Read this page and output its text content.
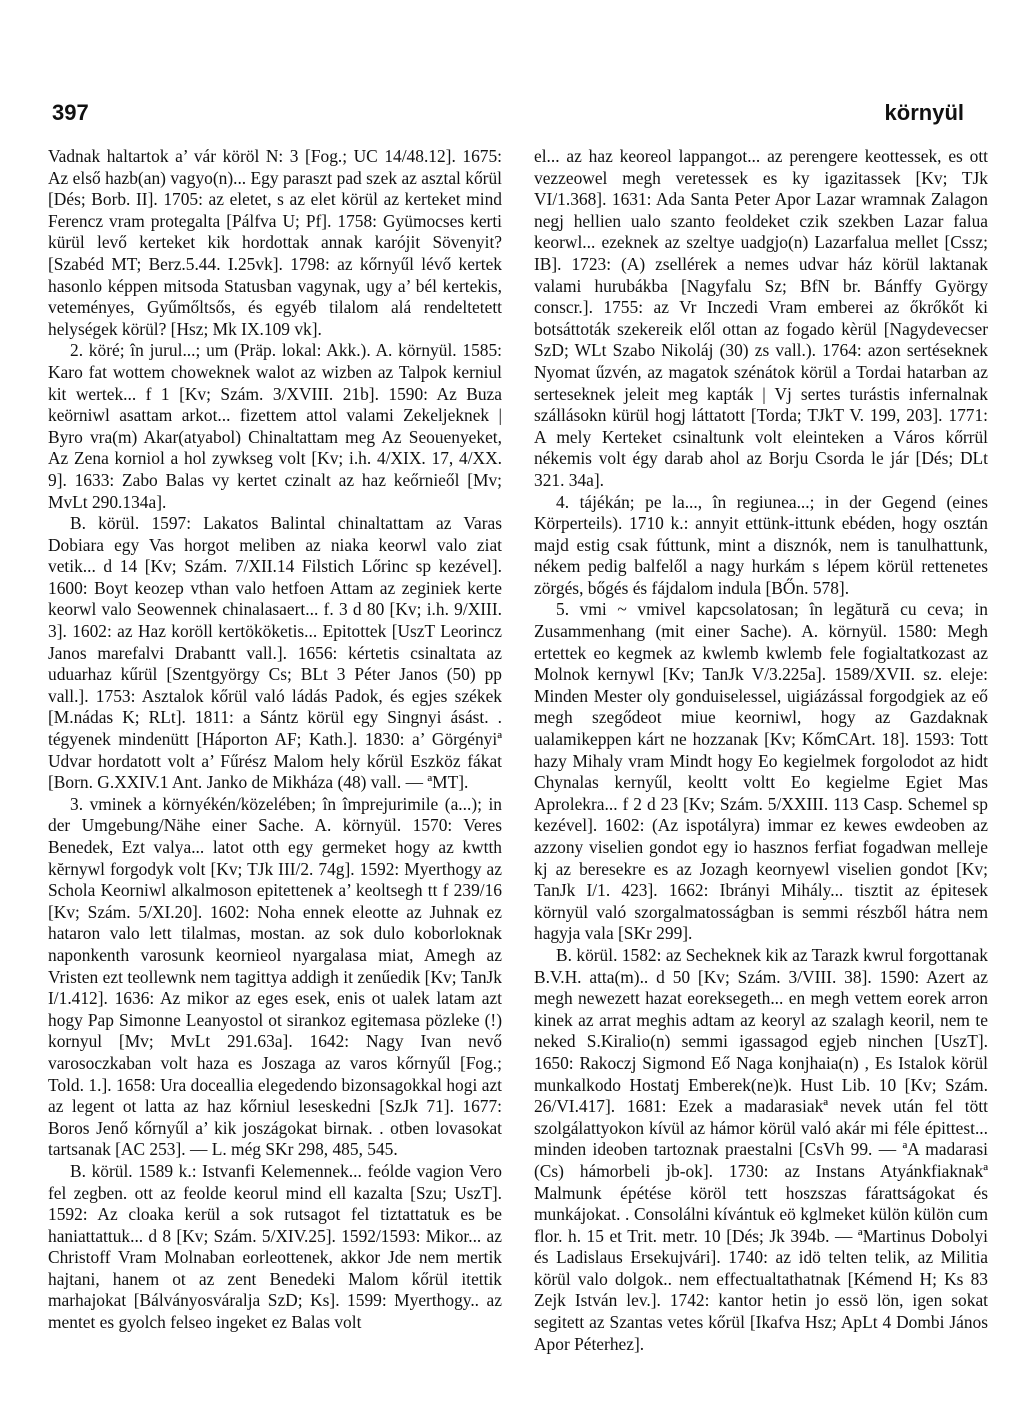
397	környül

Vadnak haltartok a’ vár köröl N: 3 [Fog.; UC 14/48.12]. 1675: Az első hazb(an) vagyo(n)... Egy paraszt pad szek az asztal kőrül [Dés; Borb. II]. 1705: az eletet, s az elet körül az kerteket mind Ferencz vram protegalta [Pálfva U; Pf]. 1758: Gyümocses kerti kürül levő kerteket kik hordottak annak karójit Sövenyit? [Szabéd MT; Berz.5.44. I.25vk]. 1798: az kőrnyűl lévő kertek hasonlo képpen mitsoda Statusban vagynak, ugy a’ bél kertekis, veteményes, Gyűmőltsős, és egyéb tilalom alá rendeltetett helységek körül? [Hsz; Mk IX.109 vk].

2. köré; în jurul...; um (Präp. lokal: Akk.). A. környül. 1585: Karo fat wottem choweknek walot az wizben az Talpok kerniul kit wertek... f 1 [Kv; Szám. 3/XVIII. 21b]. 1590: Az Buza keörniwl asattam arkot... fizettem attol valami Zekeljeknek | Byro vra(m) Akar(atyabol) Chinaltattam meg Az Seouenyeket, Az Zena korniol a hol zywkseg volt [Kv; i.h. 4/XIX. 17, 4/XX. 9]. 1633: Zabo Balas vy kertet czinalt az haz keőrnieől [Mv; MvLt 290.134a].

B. körül. 1597: Lakatos Balintal chinaltattam az Varas Dobiara egy Vas horgot meliben az niaka keorwl valo ziat vetik... d 14 [Kv; Szám. 7/XII.14 Filstich Lőrinc sp kezével]. 1600: Boyt keozep vthan valo hetfoen Attam az zeginiek kerte keorwl valo Seowennek chinalasaert... f. 3 d 80 [Kv; i.h. 9/XIII. 3]. 1602: az Haz koröll kertököketis... Epitottek [UszT Leorincz Janos marefalvi Drabantt vall.]. 1656: kértetis csinaltata az uduarhaz kűrül [Szentgyörgy Cs; BLt 3 Péter Janos (50) pp vall.]. 1753: Asztalok kőrül való ládás Padok, és egjes székek [M.nádas K; RLt]. 1811: a Sántz körül egy Singnyi ásást. . tégyenek mindenütt [Háporton AF; Kath.]. 1830: a’ Görgényiª Udvar hordatott volt a’ Fűrész Malom hely kőrül Eszköz fákat [Born. G.XXIV.1 Ant. Janko de Mikháza (48) vall. — ªMT].

3. vminek a környékén/közelében; în împrejurimile (a...); in der Umgebung/Nähe einer Sache. A. környül. 1570: Veres Benedek, Ezt valya... latot otth egy germeket hogy az kwtth kĕrnywl forgodyk volt [Kv; TJk III/2. 74g]. 1592: Myerthogy az Schola Keorniwl alkalmoson epitettenek a’ keoltsegh tt f 239/16 [Kv; Szám. 5/XI.20]. 1602: Noha ennek eleotte az Juhnak ez hataron valo lett tilalmas, mostan. az sok dulo koborloknak naponkenth varosunk keornieol nyargalasa miat, Amegh az Vristen ezt teollewnk nem tagittya addigh it zenűedik [Kv; TanJk I/1.412]. 1636: Az mikor az eges esek, enis ot ualek latam azt hogy Pap Simonne Leanyostol ot sirankoz egitemasa pözleke (!) kornyul [Mv; MvLt 291.63a]. 1642: Nagy Ivan nevő varosoczkaban volt haza es Joszaga az varos kőrnyűl [Fog.; Told. 1.]. 1658: Ura doceallia elegedendo bizonsagokkal hogi azt az legent ot latta az haz kőrniul leseskedni [SzJk 71]. 1677: Boros Jenő kőrnyűl a’ kik joszágokat birnak. . otben lovasokat tartsanak [AC 253]. — L. még SKr 298, 485, 545.

B. körül. 1589 k.: Istvanfi Kelemennek... feólde vagion Vero fel zegben. ott az feolde keorul mind ell kazalta [Szu; UszT]. 1592: Az cloaka kerül a sok rutsagot fel tiztattatuk es be haniattattuk... d 8 [Kv; Szám. 5/XIV.25]. 1592/1593: Mikor... az Christoff Vram Molnaban eorleottenek, akkor Jde nem mertik hajtani, hanem ot az zent Benedeki Malom kőrül itettik marhajokat [Bálványosváralja SzD; Ks]. 1599: Myerthogy.. az mentet es gyolch felseo ingeket ez Balas volt

el... az haz keoreol lappangot... az perengere keottessek, es ott vezzeowel megh veretessek es ky igazitassek [Kv; TJk VI/1.368]. 1631: Ada Santa Peter Apor Lazar wramnak Zalagon negj hellien ualo szanto feoldeket czik szekben Lazar falua keorwl... ezeknek az szeltye uadgjo(n) Lazarfalua mellet [Cssz; IB]. 1723: (A) zsellérek a nemes udvar ház körül laktanak valami hurubákba [Nagyfalu Sz; BfN br. Bánffy György conscr.]. 1755: az Vr Inczedi Vram emberei az őkrőkőt ki botsáttoták szekereik elől ottan az fogado kèrül [Nagydevecser SzD; WLt Szabo Nikoláj (30) zs vall.). 1764: azon sertéseknek Nyomat űzvén, az magatok szénátok körül a Tordai hatarban az serteseknek jeleit meg kapták | Vj sertes turástis infernalnak szállásokn kürül hogj láttatott [Torda; TJkT V. 199, 203]. 1771: A mely Kerteket csinaltunk volt eleinteken a Város kőrrül nékemis volt égy darab ahol az Borju Csorda le jár [Dés; DLt 321. 34a].

4. tájékán; pe la..., în regiunea...; in der Gegend (eines Körperteils). 1710 k.: annyit ettünk-ittunk ebéden, hogy osztán majd estig csak fúttunk, mint a disznók, nem is tanulhattunk, nékem pedig balfelől a nagy hurkám s lépem körül rettenetes zörgés, bőgés és fájdalom indula [BŐn. 578].

5. vmi ~ vmivel kapcsolatosan; în legătură cu ceva; in Zusammenhang (mit einer Sache). A. környül. 1580: Megh ertettek eo kegmek az kwlemb kwlemb fele fogialtatkozast az Molnok kernywl [Kv; TanJk V/3.225a]. 1589/XVII. sz. eleje: Minden Mester oly gonduiselessel, uigiázással forgodgiek az eő megh szegődeot miue keorniwl, hogy az Gazdaknak ualamikeppen kárt ne hozzanak [Kv; KőmCArt. 18]. 1593: Tott hazy Mihaly vram Mindt hogy Eo kegielmek forgolodot az hidt Chynalas kernyűl, keoltt voltt Eo kegielme Egiet Mas Aprolekra... f 2 d 23 [Kv; Szám. 5/XXIII. 113 Casp. Schemel sp kezével]. 1602: (Az ispotályra) immar ez kewes ewdeoben az azzony viselien gondot egy io hasznos ferfiat fogadwan melleje kj az beresekre es az Jozagh keornyewl viselien gondot [Kv; TanJk I/1. 423]. 1662: Ibrányi Mihály... tisztit az épitesek környül való szorgalmatosságban is semmi részből hátra nem hagyja vala [SKr 299].

B. körül. 1582: az Secheknek kik az Tarazk kwrul forgottanak B.V.H. atta(m).. d 50 [Kv; Szám. 3/VIII. 38]. 1590: Azert az megh newezett hazat eoreksegeth... en megh vettem eorek arron kinek az arrat meghis adtam az keoryl az szalagh keoril, nem te neked S.Kiralio(n) semmi igassagod egjeb ninchen [UszT]. 1650: Rakoczj Sigmond Eő Naga konjhaia(n) , Es Istalok körül munkalkodo Hostatj Emberek(ne)k. Hust Lib. 10 [Kv; Szám. 26/VI.417]. 1681: Ezek a madarasiakª nevek után fel tött szolgálattyokon kívül az hámor körül való akár mi féle épittest... minden ideoben tartoznak praestalni [CsVh 99. — ªA madarasi (Cs) hámorbeli jb-ok]. 1730: az Instans Atyánkfiaknakª Malmunk épétése köröl tett hoszszas fárattságokat és munkájokat. . Consolálni kívántuk eö kglmeket külön külön cum flor. h. 15 et Trit. metr. 10 [Dés; Jk 394b. — ªMartinus Dobolyi és Ladislaus Ersekujvári]. 1740: az idö telten telik, az Militia körül valo dolgok.. nem effectualtathatnak [Kémend H; Ks 83 Zejk István lev.]. 1742: kantor hetin jo essö lön, igen sokat segitett az Szantas vetes kőrül [Ikafva Hsz; ApLt 4 Dombi János Apor Péterhez].
